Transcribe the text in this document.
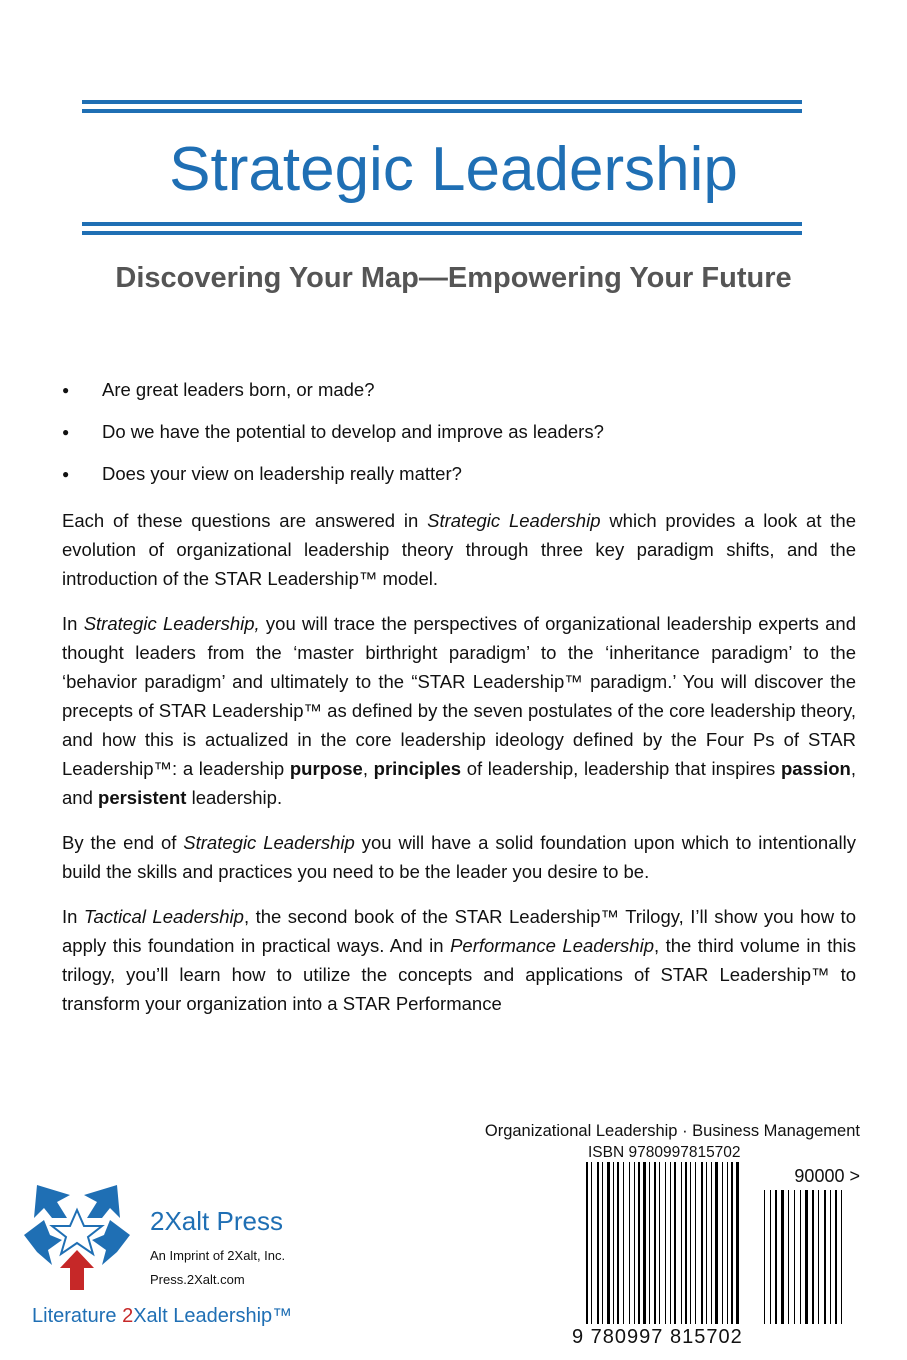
Strategic Leadership
Discovering Your Map—Empowering Your Future
● Are great leaders born, or made?
● Do we have the potential to develop and improve as leaders?
● Does your view on leadership really matter?

Each of these questions are answered in Strategic Leadership which provides a look at the evolution of organizational leadership theory through three key paradigm shifts, and the introduction of the STAR Leadership™ model.

In Strategic Leadership, you will trace the perspectives of organizational leadership experts and thought leaders from the ‘master birthright paradigm’ to the ‘inheritance paradigm’ to the ‘behavior paradigm’ and ultimately to the “STAR Leadership™ paradigm.’ You will discover the precepts of STAR Leadership™ as defined by the seven postulates of the core leadership theory, and how this is actualized in the core leadership ideology defined by the Four Ps of STAR Leadership™: a leadership purpose, principles of leadership, leadership that inspires passion, and persistent leadership.

By the end of Strategic Leadership you will have a solid foundation upon which to intentionally build the skills and practices you need to be the leader you desire to be.

In Tactical Leadership, the second book of the STAR Leadership™ Trilogy, I’ll show you how to apply this foundation in practical ways. And in Performance Leadership, the third volume in this trilogy, you’ll learn how to utilize the concepts and applications of STAR Leadership™ to transform your organization into a STAR Performance

Organizational Leadership · Business Management
ISBN 9780997815702
90000 >
9 780997 815702
2Xalt Press
An Imprint of 2Xalt, Inc.
Press.2Xalt.com
Literature 2Xalt Leadership™
